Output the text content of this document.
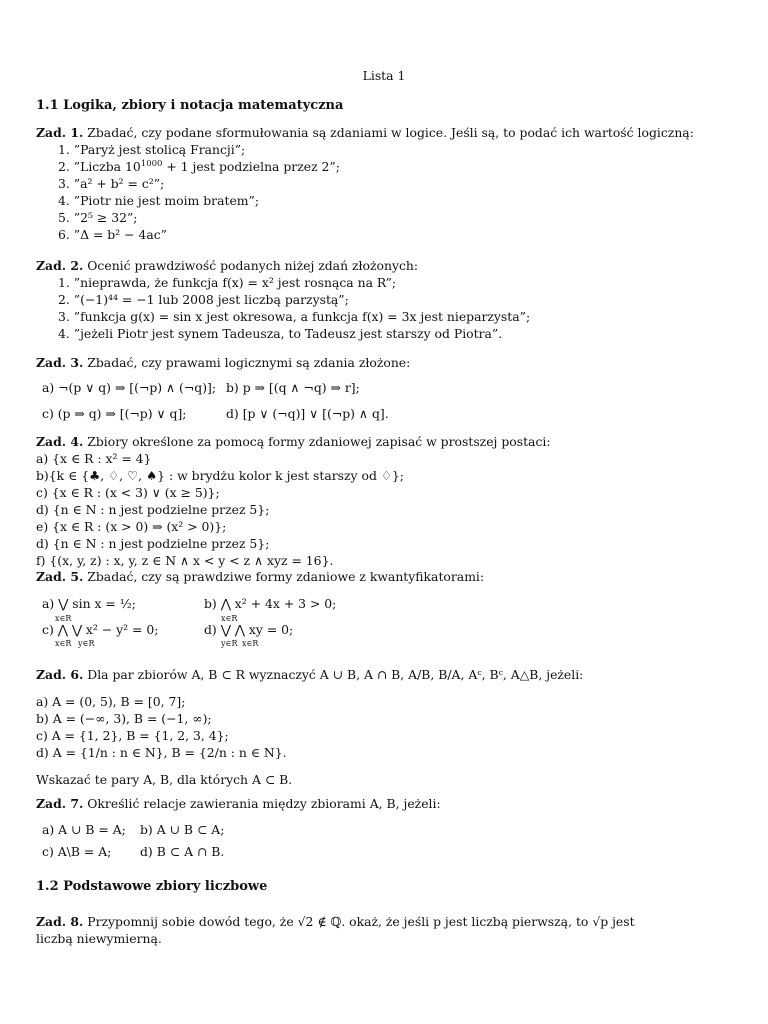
Lista 1
1.1 Logika, zbiory i notacja matematyczna
Zad. 1. Zbadać, czy podane sformułowania są zdaniami w logice. Jeśli są, to podać ich wartość logiczną:
1. ”Paryż jest stolicą Francji”;
2. ”Liczba $10^{1000} + 1$ jest podzielna przez 2”;
3. ”a² + b² = c²”;
4. ”Piotr nie jest moim bratem”;
5. ”2⁵ ≥ 32”;
6. ”Δ = b² − 4ac”
Zad. 2. Ocenić prawdziwość podanych niżej zdań złożonych:
1. ”nieprawda, że funkcja f(x) = x² jest rosnąca na R”;
2. ”(−1)⁴⁴ = −1 lub 2008 jest liczbą parzystą”;
3. ”funkcja g(x) = sin x jest okresowa, a funkcja f(x) = 3x jest nieparzysta”;
4. ”jeżeli Piotr jest synem Tadeusza, to Tadeusz jest starszy od Piotra”.
Zad. 3. Zbadać, czy prawami logicznymi są zdania złożone:
a) ¬(p ∨ q) ⇒ [(¬p) ∧ (¬q)]; b) p ⇒ [(q ∧ ¬q) ⇒ r];
c) (p ⇒ q) ⇒ [(¬p) ∨ q];	d) [p ∨ (¬q)] ∨ [(¬p) ∧ q].
Zad. 4. Zbiory określone za pomocą formy zdaniowej zapisać w prostszej postaci:
a) {x ∈ R : x² = 4}
b){k ∈ {♣, ♢, ♡, ♠} : w brydżu kolor k jest starszy od ♢};
c) {x ∈ R : (x < 3) ∨ (x ≥ 5)};
d) {n ∈ N : n jest podzielne przez 5};
e) {x ∈ R : (x > 0) ⇒ (x² > 0)};
d) {n ∈ N : n jest podzielne przez 5};
f) {(x, y, z) : x, y, z ∈ N ∧ x < y < z ∧ xyz = 16}.
Zad. 5. Zbadać, czy są prawdziwe formy zdaniowe z kwantyfikatorami:
a) ⋁ sin x = ½;	b) ⋀ x² + 4x + 3 > 0;
x∈R	x∈R
c) ⋀ ⋁ x² − y² = 0;	d) ⋁ ⋀ xy = 0;
x∈R y∈R	y∈R x∈R
Zad. 6. Dla par zbiorów A, B ⊂ R wyznaczyć A ∪ B, A ∩ B, A/B, B/A, Aᶜ, Bᶜ, A△B, jeżeli:
a) A = (0, 5), B = [0, 7];
b) A = (−∞, 3), B = (−1, ∞);
c) A = {1, 2}, B = {1, 2, 3, 4};
d) A = {1/n : n ∈ N}, B = {2/n : n ∈ N}.
Wskazać te pary A, B, dla których A ⊂ B.
Zad. 7. Określić relacje zawierania między zbiorami A, B, jeżeli:
a) A ∪ B = A; b) A ∪ B ⊂ A;
c) A\B = A; d) B ⊂ A ∩ B.
1.2 Podstawowe zbiory liczbowe
Zad. 8. Przypomnij sobie dowód tego, że √2 ∉ ℚ. okaż, że jeśli p jest liczbą pierwszą, to √p jest liczbą niewymierną.
